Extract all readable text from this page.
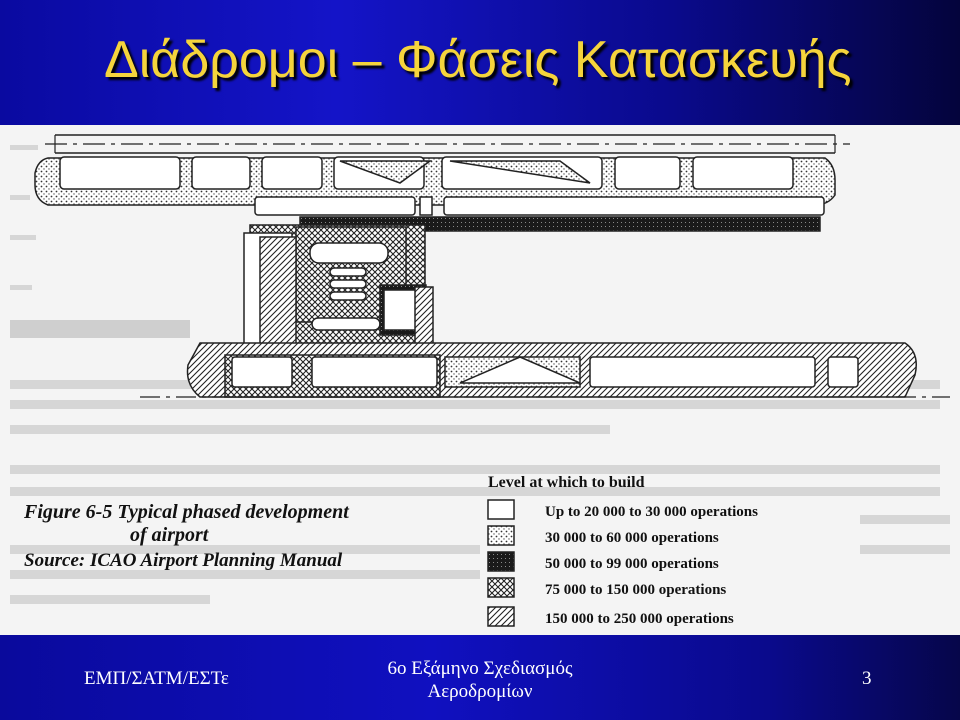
Διάδρομοι – Φάσεις Κατασκευής
Figure 6-5 Typical phased development
of airport
Source: ICAO Airport Planning Manual
Level at which to build
Up to 20 000 to 30 000 operations
30 000 to 60 000 operations
50 000 to 99 000 operations
75 000 to 150 000 operations
150 000 to 250 000 operations
ΕΜΠ/ΣΑΤΜ/ΕΣΤε	6ο Εξάμηνο Σχεδιασμός
Αεροδρομίων
3
